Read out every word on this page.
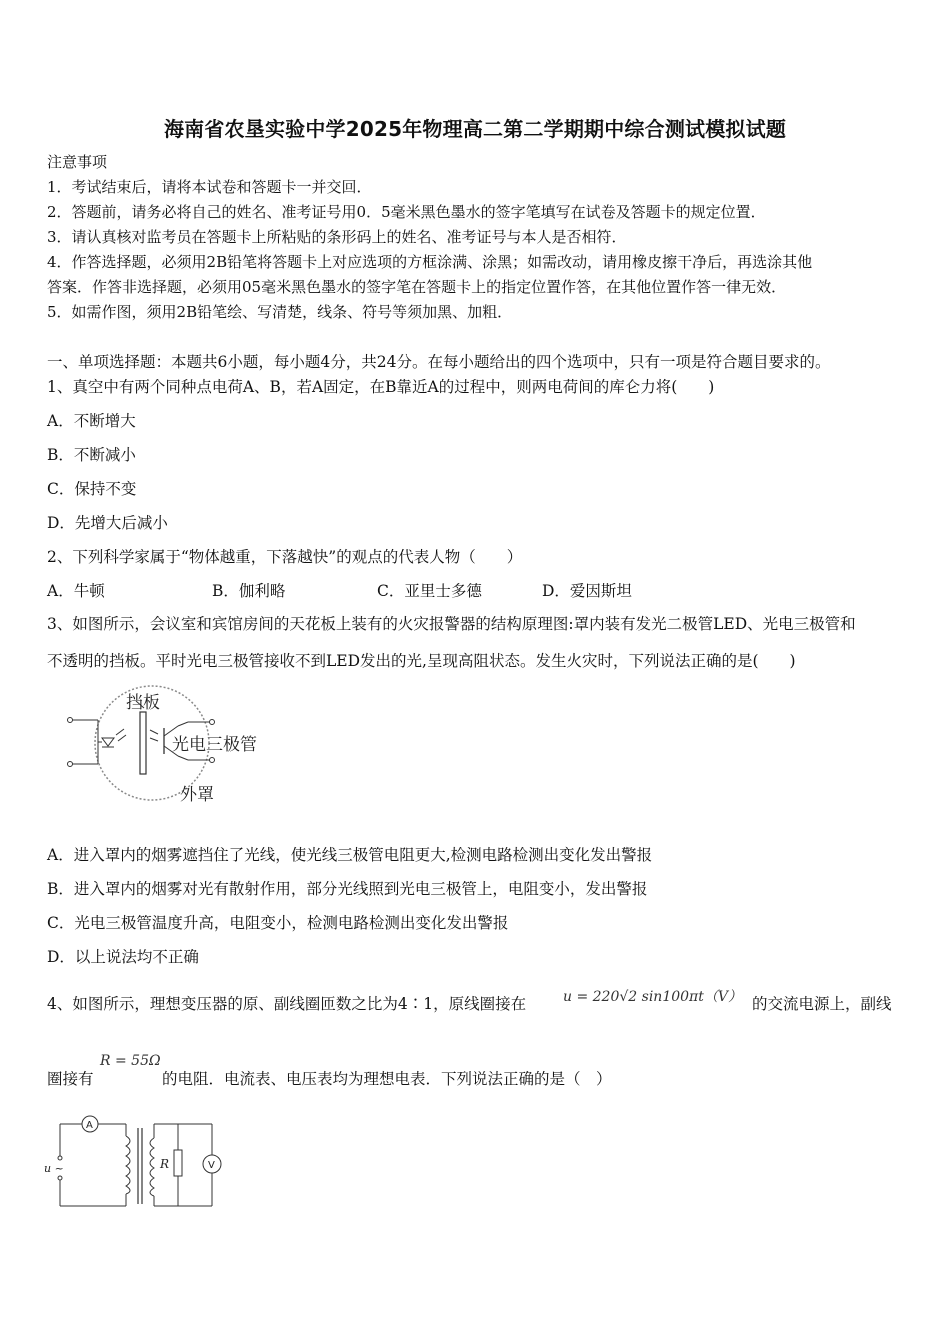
海南省农垦实验中学2025年物理高二第二学期期中综合测试模拟试题
注意事项
1．考试结束后，请将本试卷和答题卡一并交回．
2．答题前，请务必将自己的姓名、准考证号用0．5毫米黑色墨水的签字笔填写在试卷及答题卡的规定位置．
3．请认真核对监考员在答题卡上所粘贴的条形码上的姓名、准考证号与本人是否相符．
4．作答选择题，必须用2B铅笔将答题卡上对应选项的方框涂满、涂黑；如需改动，请用橡皮擦干净后，再选涂其他
答案．作答非选择题，必须用05毫米黑色墨水的签字笔在答题卡上的指定位置作答，在其他位置作答一律无效．
5．如需作图，须用2B铅笔绘、写清楚，线条、符号等须加黑、加粗．
一、单项选择题：本题共6小题，每小题4分，共24分。在每小题给出的四个选项中，只有一项是符合题目要求的。
1、真空中有两个同种点电荷A、B，若A固定，在B靠近A的过程中，则两电荷间的库仑力将(　　)
A．不断增大
B．不断减小
C．保持不变
D．先增大后减小
2、下列科学家属于“物体越重，下落越快”的观点的代表人物（　　）
A．牛顿	B．伽利略	C．亚里士多德	D．爱因斯坦
3、如图所示，会议室和宾馆房间的天花板上装有的火灾报警器的结构原理图:罩内装有发光二极管LED、光电三极管和
不透明的挡板。平时光电三极管接收不到LED发出的光,呈现高阻状态。发生火灾时，下列说法正确的是(　　)
挡板
光电三极管
外罩
A．进入罩内的烟雾遮挡住了光线，使光线三极管电阻更大,检测电路检测出变化发出警报
B．进入罩内的烟雾对光有散射作用，部分光线照到光电三极管上，电阻变小，发出警报
C．光电三极管温度升高，电阻变小，检测电路检测出变化发出警报
D．以上说法均不正确
4、如图所示，理想变压器的原、副线圈匝数之比为4∶1，原线圈接在	u = 220√2 sin100πt（V） 的交流电源上，副线
圈接有
R = 55Ω
的电阻．电流表、电压表均为理想电表．下列说法正确的是（　）
A
u ~	R	V
